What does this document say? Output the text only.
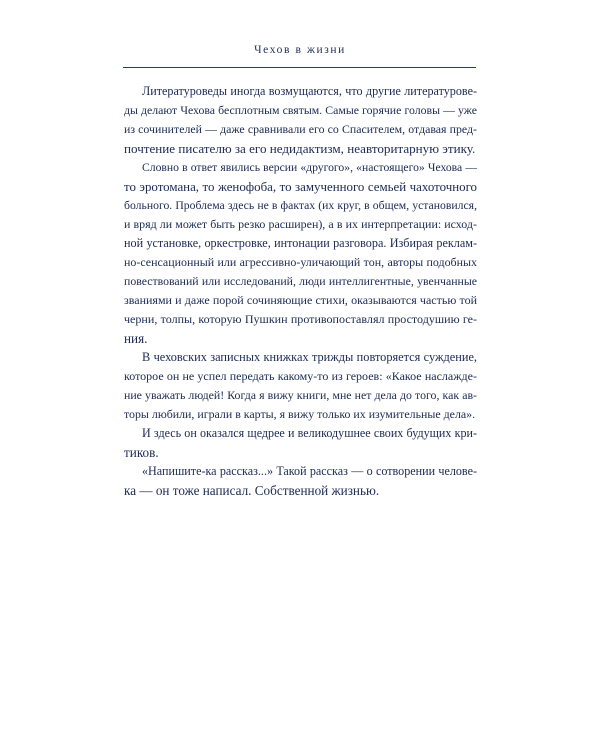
Чехов в жизни
Литературоведы иногда возмущаются, что другие литературове-
ды делают Чехова бесплотным святым. Самые горячие головы — уже
из сочинителей — даже сравнивали его со Спасителем, отдавая пред-
почтение писателю за его недидактизм, неавторитарную этику.
Словно в ответ явились версии «другого», «настоящего» Чехова —
то эротомана, то женофоба, то замученного семьей чахоточного
больного. Проблема здесь не в фактах (их круг, в общем, установился,
и вряд ли может быть резко расширен), а в их интерпретации: исход-
ной установке, оркестровке, интонации разговора. Избирая реклам-
но-сенсационный или агрессивно-уличающий тон, авторы подобных
повествований или исследований, люди интеллигентные, увенчанные
званиями и даже порой сочиняющие стихи, оказываются частью той
черни, толпы, которую Пушкин противопоставлял простодушию ге-
ния.
В чеховских записных книжках трижды повторяется суждение,
которое он не успел передать какому-то из героев: «Какое наслажде-
ние уважать людей! Когда я вижу книги, мне нет дела до того, как ав-
торы любили, играли в карты, я вижу только их изумительные дела».
И здесь он оказался щедрее и великодушнее своих будущих кри-
тиков.
«Напишите-ка рассказ...» Такой рассказ — о сотворении челове-
ка — он тоже написал. Собственной жизнью.
